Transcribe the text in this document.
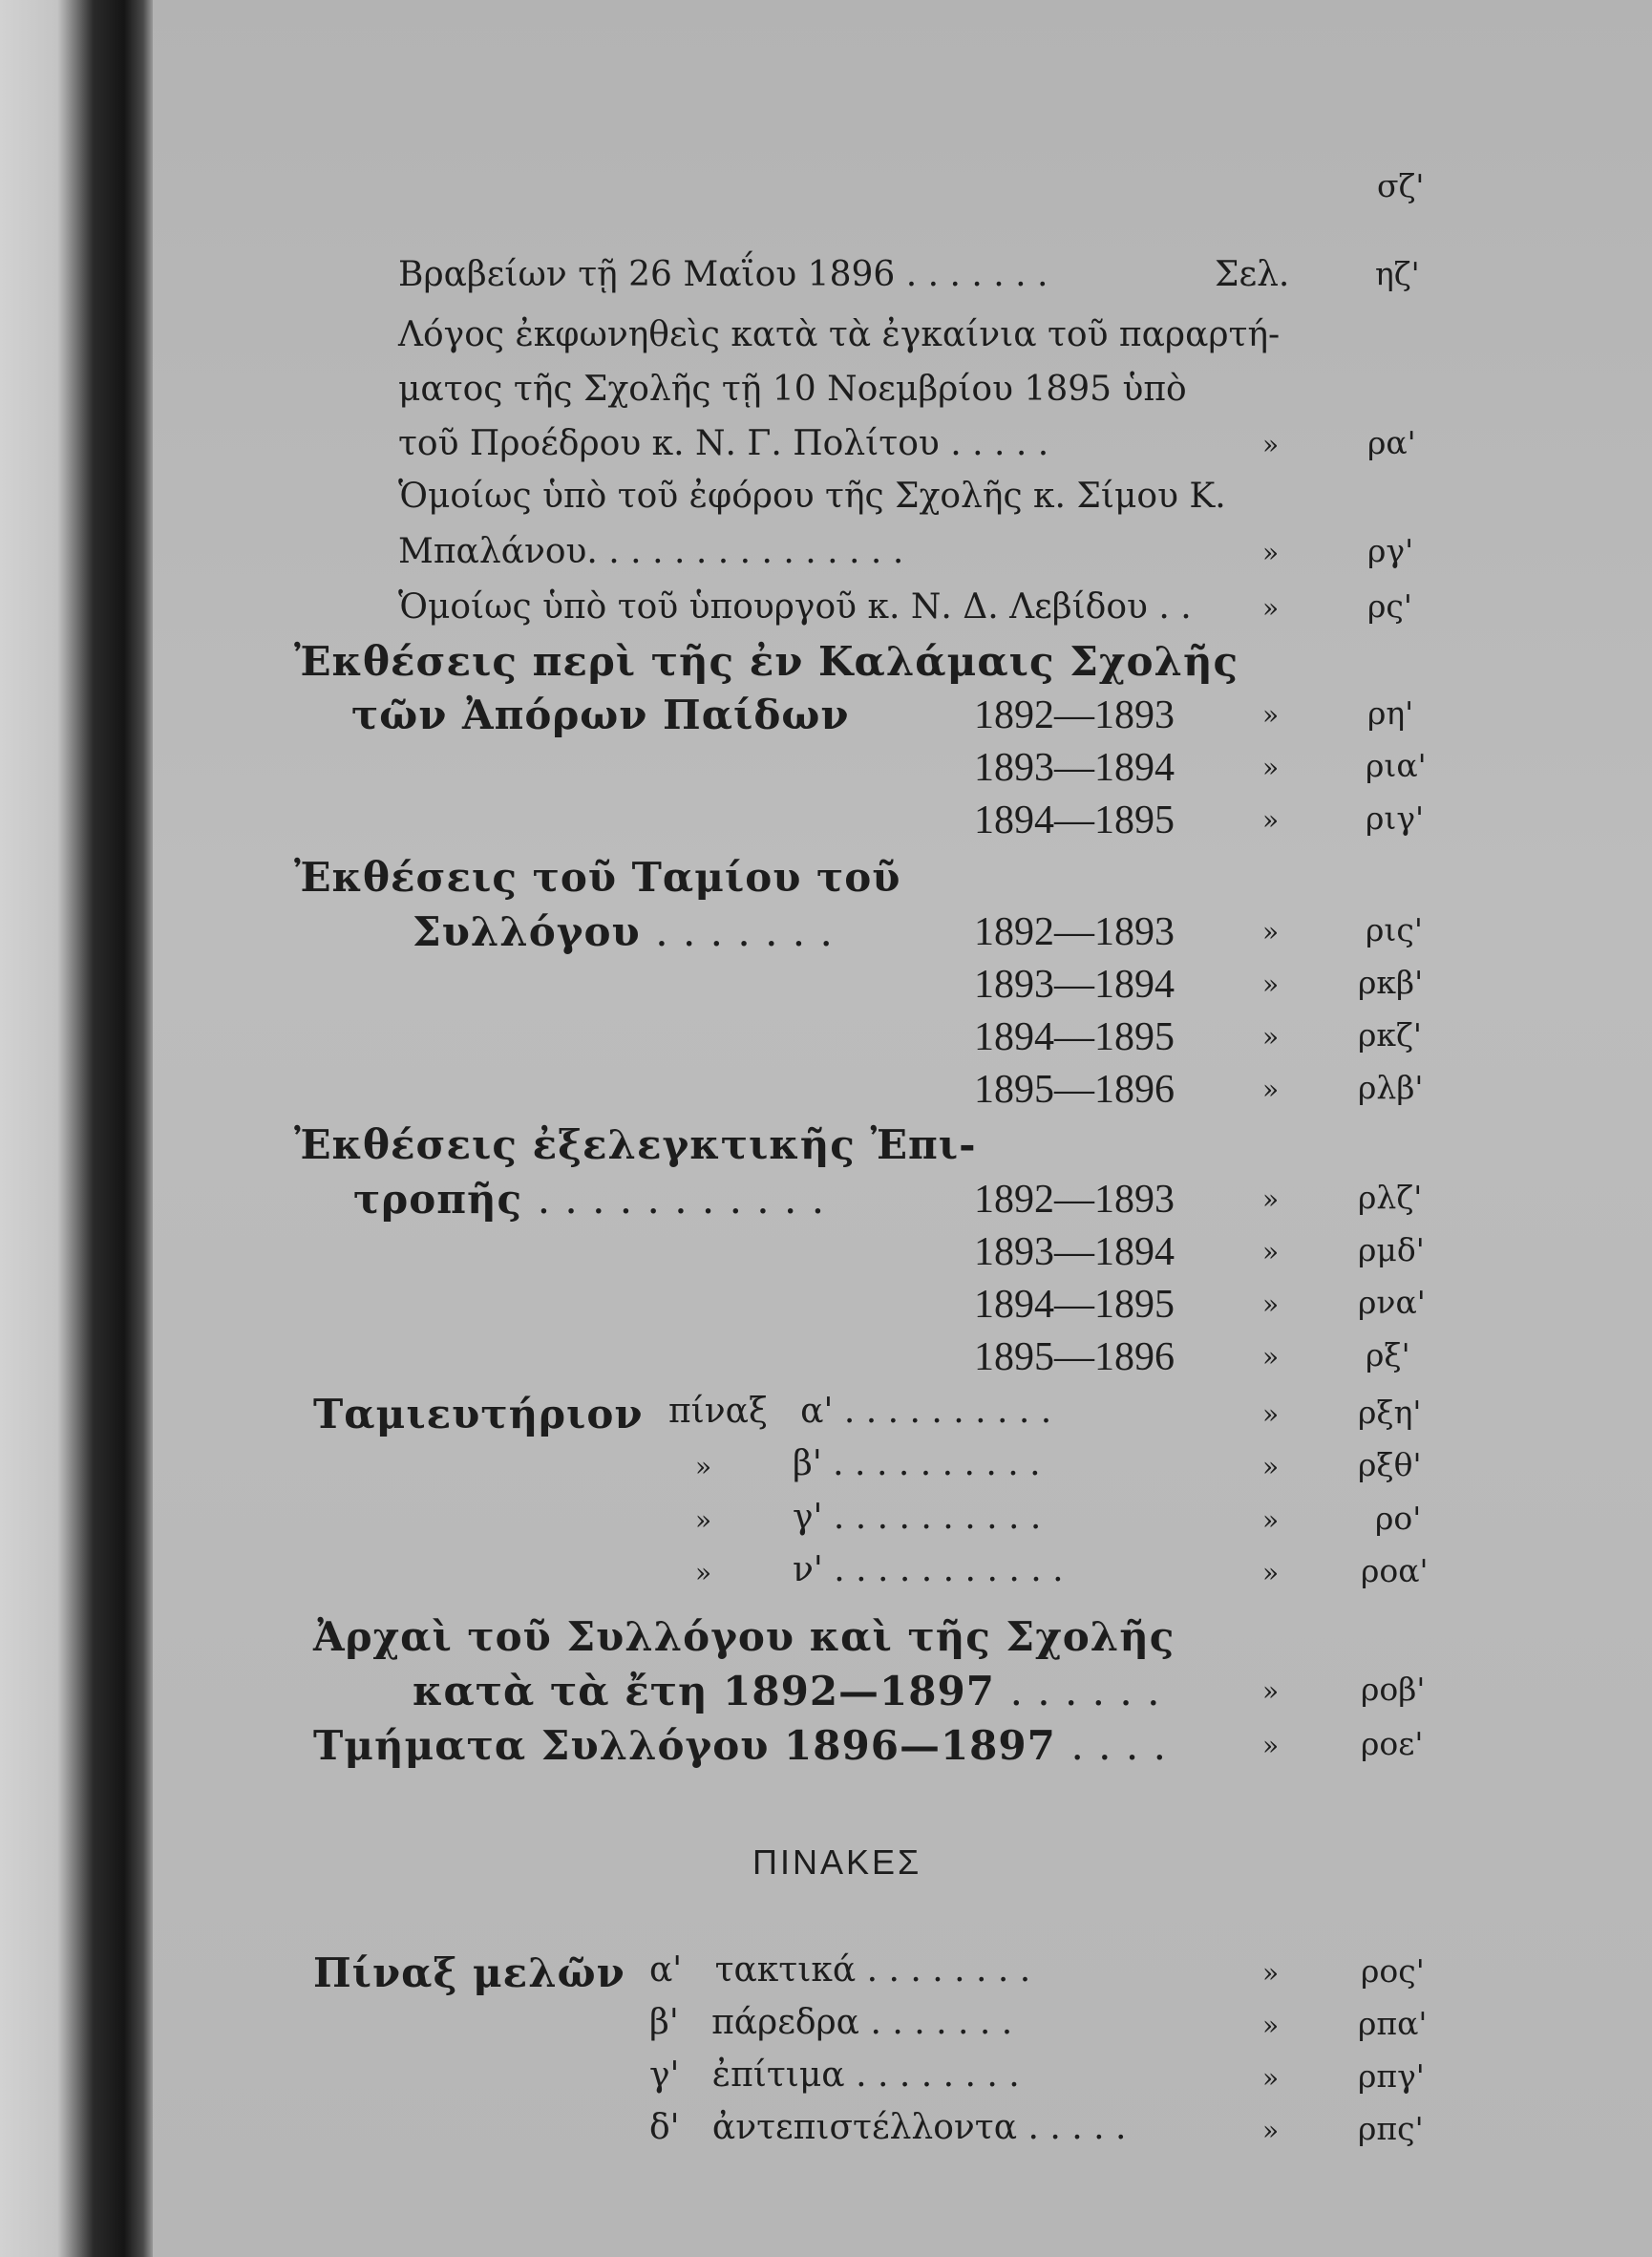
σζ'
Βραβείων τῇ 26 Μαΐου 1896 . . . . . . .	Σελ.	ηζ'
Λόγος ἐκφωνηθεὶς κατὰ τὰ ἐγκαίνια τοῦ παραρτή-
ματος τῆς Σχολῆς τῇ 10 Νοεμβρίου 1895 ὑπὸ
τοῦ Προέδρου κ. Ν. Γ. Πολίτου . . . . .	»	ρα'
Ὁμοίως ὑπὸ τοῦ ἐφόρου τῆς Σχολῆς κ. Σίμου Κ.
Μπαλάνου. . . . . . . . . . . . . . .	»	ργ'
Ὁμοίως ὑπὸ τοῦ ὑπουργοῦ κ. Ν. Δ. Λεβίδου . .	»	ρς'
Ἐκθέσεις περὶ τῆς ἐν Καλάμαις Σχολῆς
τῶν Ἀπόρων Παίδων	1892—1893	»	ρη'
1893—1894	»	ρια'
1894—1895	»	ριγ'
Ἐκθέσεις τοῦ Ταμίου τοῦ
Συλλόγου . . . . . . .	1892—1893	»	ρις'
1893—1894	»	ρκβ'
1894—1895	»	ρκζ'
1895—1896	»	ρλβ'
Ἐκθέσεις ἐξελεγκτικῆς Ἐπι-
τροπῆς . . . . . . . . . . .	1892—1893	»	ρλζ'
1893—1894	»	ρμδ'
1894—1895	»	ρνα'
1895—1896	»	ρξ'
Ταμιευτήριον πίναξ α' . . . . . . . . . .	»	ρξη'
» β' . . . . . . . . . .	»	ρξθ'
» γ' . . . . . . . . . .	»	ρο'
» ν' . . . . . . . . . . .	»	ροα'
Ἀρχαὶ τοῦ Συλλόγου καὶ τῆς Σχολῆς
κατὰ τὰ ἔτη 1892—1897 . . . . . .	»	ροβ'
Τμήματα Συλλόγου 1896—1897 . . . .	»	ροε'
ΠΙΝΑΚΕΣ
Πίναξ μελῶν α' τακτικά . . . . . . . .	»	ρος'
β' πάρεδρα . . . . . . .	»	ρπα'
γ' ἐπίτιμα . . . . . . . .	»	ρπγ'
δ' ἀντεπιστέλλοντα . . . . .	»	ρπς'
